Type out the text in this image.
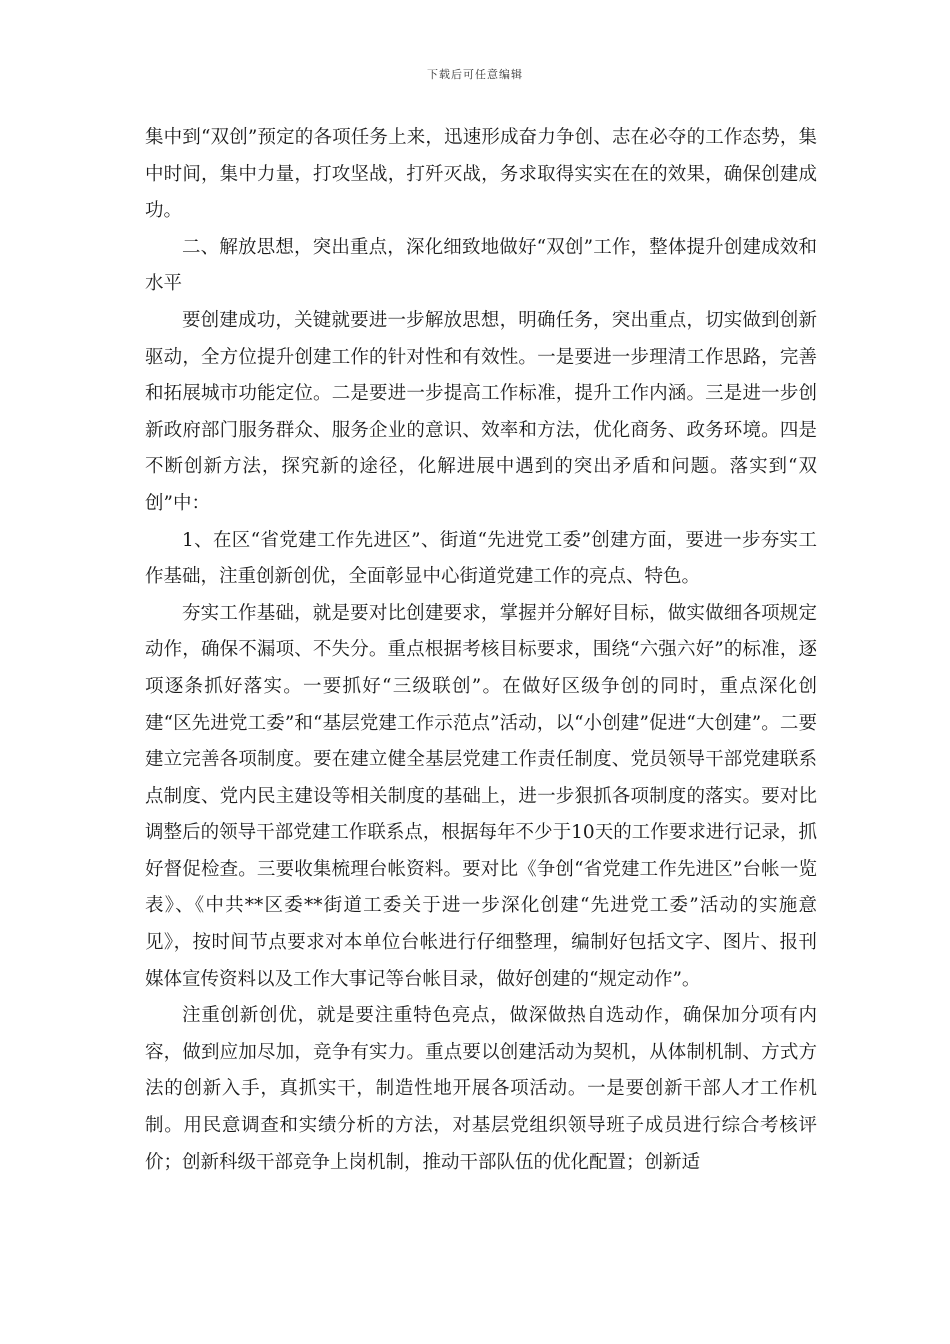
下载后可任意编辑

集中到“双创”预定的各项任务上来，迅速形成奋力争创、志在必夺的工作态势，集中时间，集中力量，打攻坚战，打歼灭战，务求取得实实在在的效果，确保创建成功。

二、解放思想，突出重点，深化细致地做好“双创”工作，整体提升创建成效和水平

要创建成功，关键就要进一步解放思想，明确任务，突出重点，切实做到创新驱动，全方位提升创建工作的针对性和有效性。一是要进一步理清工作思路，完善和拓展城市功能定位。二是要进一步提高工作标准，提升工作内涵。三是进一步创新政府部门服务群众、服务企业的意识、效率和方法，优化商务、政务环境。四是不断创新方法，探究新的途径，化解进展中遇到的突出矛盾和问题。落实到“双创”中：

1、在区“省党建工作先进区”、街道“先进党工委”创建方面，要进一步夯实工作基础，注重创新创优，全面彰显中心街道党建工作的亮点、特色。

夯实工作基础，就是要对比创建要求，掌握并分解好目标，做实做细各项规定动作，确保不漏项、不失分。重点根据考核目标要求，围绕“六强六好”的标准，逐项逐条抓好落实。一要抓好“三级联创”。在做好区级争创的同时，重点深化创建“区先进党工委”和“基层党建工作示范点”活动，以“小创建”促进“大创建”。二要建立完善各项制度。要在建立健全基层党建工作责任制度、党员领导干部党建联系点制度、党内民主建设等相关制度的基础上，进一步狠抓各项制度的落实。要对比调整后的领导干部党建工作联系点，根据每年不少于10天的工作要求进行记录，抓好督促检查。三要收集梳理台帐资料。要对比《争创“省党建工作先进区”台帐一览表》、《中共**区委**街道工委关于进一步深化创建“先进党工委”活动的实施意见》，按时间节点要求对本单位台帐进行仔细整理，编制好包括文字、图片、报刊媒体宣传资料以及工作大事记等台帐目录，做好创建的“规定动作”。

注重创新创优，就是要注重特色亮点，做深做热自选动作，确保加分项有内容，做到应加尽加，竞争有实力。重点要以创建活动为契机，从体制机制、方式方法的创新入手，真抓实干，制造性地开展各项活动。一是要创新干部人才工作机制。用民意调查和实绩分析的方法，对基层党组织领导班子成员进行综合考核评价；创新科级干部竞争上岗机制，推动干部队伍的优化配置；创新适
